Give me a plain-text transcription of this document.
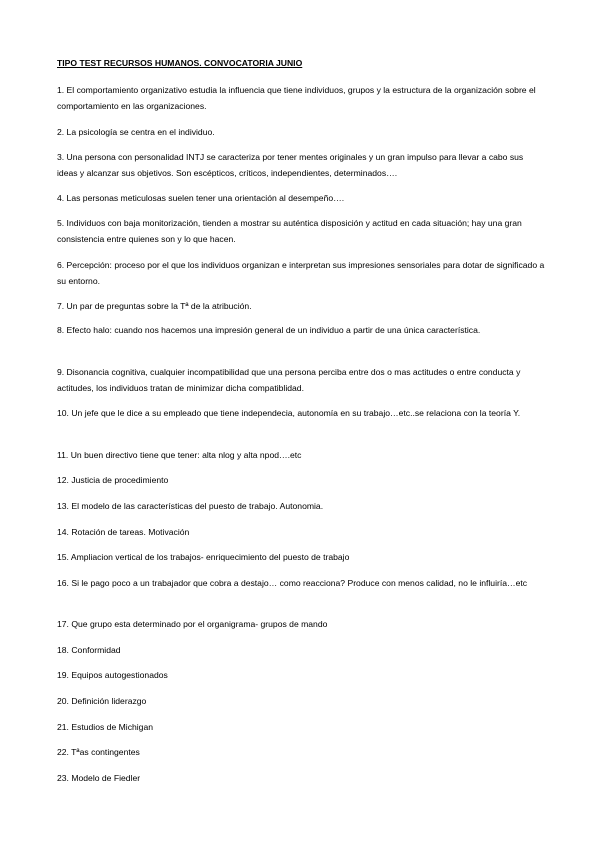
TIPO TEST RECURSOS HUMANOS. CONVOCATORIA JUNIO
1. El comportamiento organizativo estudia la influencia que tiene individuos, grupos y la estructura de la organización sobre el comportamiento en las organizaciones.
2. La psicología se centra en el individuo.
3. Una persona con personalidad INTJ se caracteriza por tener mentes originales y un gran impulso para llevar a cabo sus ideas y alcanzar sus objetivos. Son escépticos, críticos, independientes, determinados….
4. Las personas meticulosas suelen tener una orientación al desempeño….
5. Individuos con baja monitorización, tienden a mostrar su auténtica disposición y actitud en cada situación; hay una gran consistencia entre quienes son y lo que hacen.
6. Percepción: proceso por el que los individuos organizan e interpretan sus impresiones sensoriales para dotar de significado a su entorno.
7. Un par de preguntas sobre la Tª de la atribución.
8. Efecto halo: cuando nos hacemos una impresión general de un individuo a partir de una única característica.
9. Disonancia cognitiva, cualquier incompatibilidad que una persona perciba entre dos o mas actitudes o entre conducta y actitudes, los individuos tratan de minimizar dicha compatiblidad.
10. Un jefe que le dice a su empleado que tiene independecia, autonomía en su trabajo…etc..se relaciona con la teoría Y.
11. Un buen directivo tiene que tener: alta nlog y alta npod….etc
12. Justicia de procedimiento
13. El modelo de las características del puesto de trabajo. Autonomia.
14. Rotación de tareas. Motivación
15. Ampliacion vertical de los trabajos- enriquecimiento del puesto de trabajo
16. Si le pago poco a un trabajador que cobra a destajo… como reacciona? Produce con menos calidad, no le influiría…etc
17. Que grupo esta determinado por el organigrama- grupos de mando
18. Conformidad
19. Equipos autogestionados
20. Definición liderazgo
21. Estudios de Michigan
22. Tªas contingentes
23. Modelo de Fiedler
